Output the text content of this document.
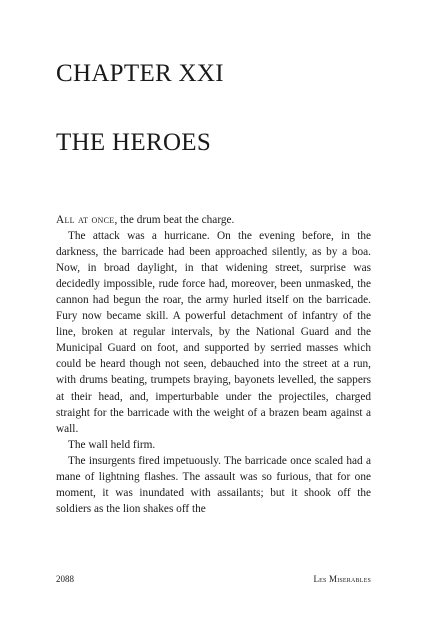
CHAPTER XXI
THE HEROES

All at once, the drum beat the charge.

The attack was a hurricane. On the evening before, in the darkness, the barricade had been approached silently, as by a boa. Now, in broad daylight, in that widening street, surprise was decidedly impossible, rude force had, moreover, been unmasked, the cannon had begun the roar, the army hurled itself on the barricade. Fury now became skill. A powerful detachment of infantry of the line, broken at regular intervals, by the National Guard and the Municipal Guard on foot, and supported by serried masses which could be heard though not seen, debauched into the street at a run, with drums beating, trumpets braying, bayonets levelled, the sappers at their head, and, imperturbable under the projectiles, charged straight for the barricade with the weight of a brazen beam against a wall.

The wall held firm.

The insurgents fired impetuously. The barricade once scaled had a mane of lightning flashes. The assault was so furious, that for one moment, it was inundated with assailants; but it shook off the soldiers as the lion shakes off the

2088	Les Miserables
